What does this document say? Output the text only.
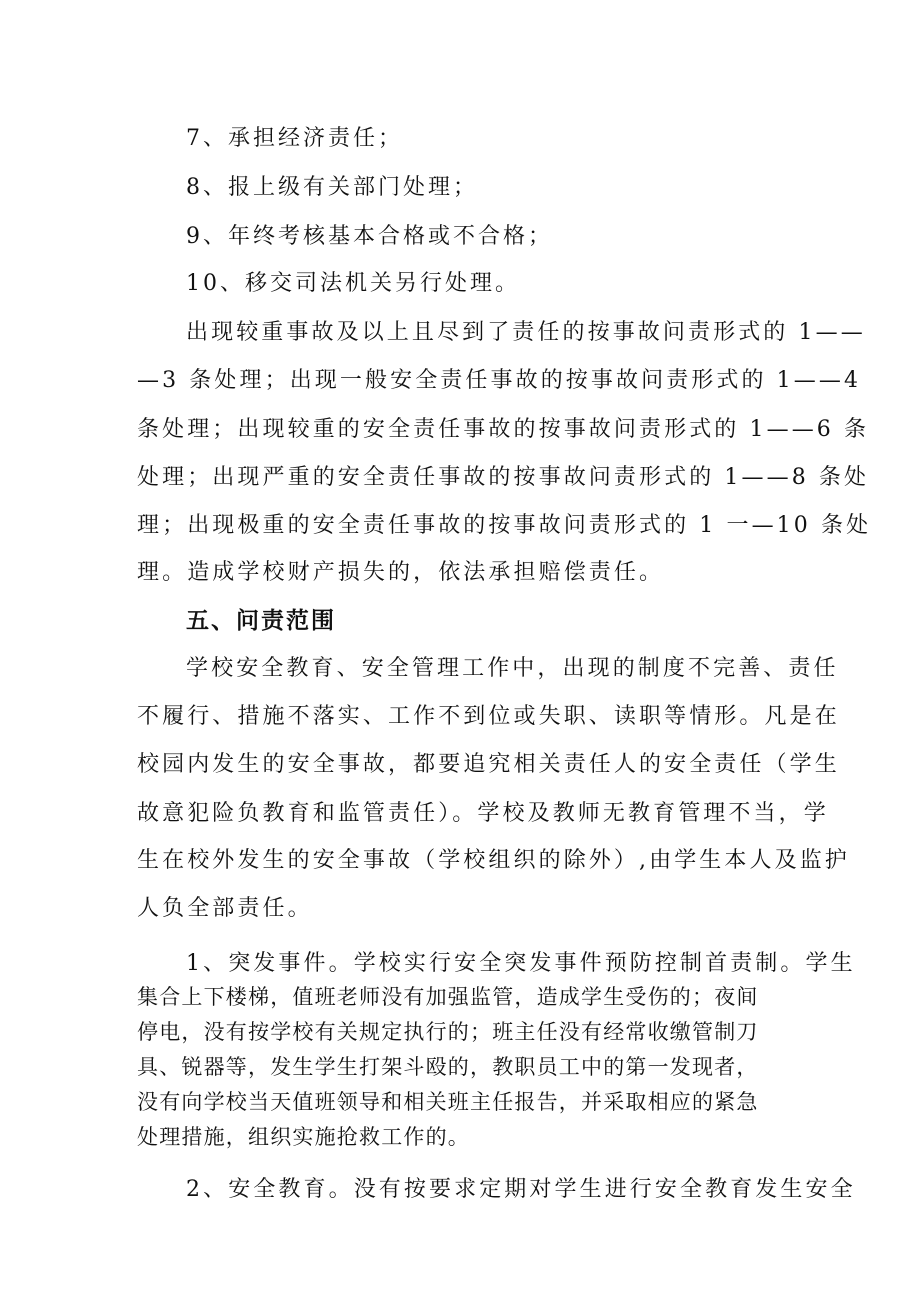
7、承担经济责任；

8、报上级有关部门处理；

9、年终考核基本合格或不合格；

10、移交司法机关另行处理。

出现较重事故及以上且尽到了责任的按事故问责形式的 1——

—3 条处理；出现一般安全责任事故的按事故问责形式的 1——4

条处理；出现较重的安全责任事故的按事故问责形式的 1——6 条

处理；出现严重的安全责任事故的按事故问责形式的 1——8 条处

理；出现极重的安全责任事故的按事故问责形式的 1 一—10 条处

理。造成学校财产损失的，依法承担赔偿责任。

五、问责范围

学校安全教育、安全管理工作中，出现的制度不完善、责任

不履行、措施不落实、工作不到位或失职、读职等情形。凡是在

校园内发生的安全事故，都要追究相关责任人的安全责任（学生

故意犯险负教育和监管责任）。学校及教师无教育管理不当，学

生在校外发生的安全事故（学校组织的除外）,由学生本人及监护

人负全部责任。

1、突发事件。学校实行安全突发事件预防控制首责制。学生

集合上下楼梯，值班老师没有加强监管，造成学生受伤的；夜间

停电，没有按学校有关规定执行的；班主任没有经常收缴管制刀

具、锐器等，发生学生打架斗殴的，教职员工中的第一发现者，

没有向学校当天值班领导和相关班主任报告，并采取相应的紧急

处理措施，组织实施抢救工作的。

2、安全教育。没有按要求定期对学生进行安全教育发生安全
